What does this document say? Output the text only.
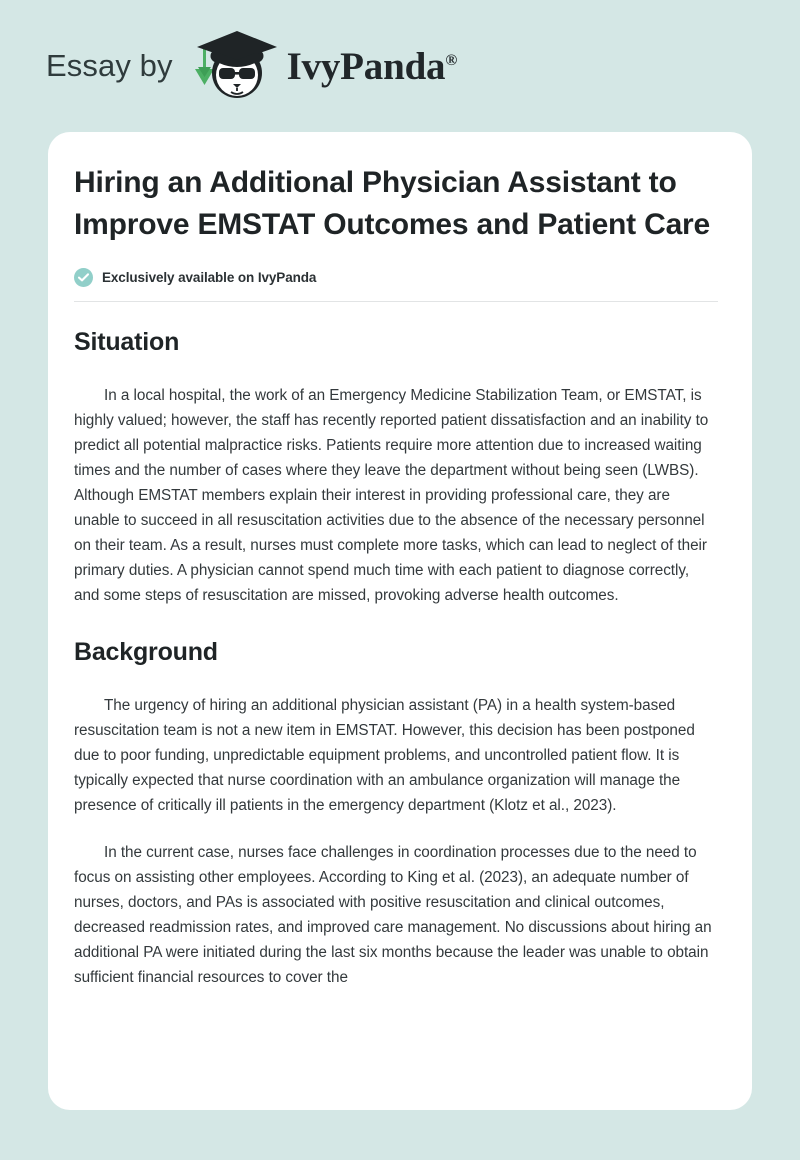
Essay by	IvyPanda®
Hiring an Additional Physician Assistant to Improve EMSTAT Outcomes and Patient Care
Exclusively available on IvyPanda
Situation

In a local hospital, the work of an Emergency Medicine Stabilization Team, or EMSTAT, is highly valued; however, the staff has recently reported patient dissatisfaction and an inability to predict all potential malpractice risks. Patients require more attention due to increased waiting times and the number of cases where they leave the department without being seen (LWBS). Although EMSTAT members explain their interest in providing professional care, they are unable to succeed in all resuscitation activities due to the absence of the necessary personnel on their team. As a result, nurses must complete more tasks, which can lead to neglect of their primary duties. A physician cannot spend much time with each patient to diagnose correctly, and some steps of resuscitation are missed, provoking adverse health outcomes.

Background

The urgency of hiring an additional physician assistant (PA) in a health system-based resuscitation team is not a new item in EMSTAT. However, this decision has been postponed due to poor funding, unpredictable equipment problems, and uncontrolled patient flow. It is typically expected that nurse coordination with an ambulance organization will manage the presence of critically ill patients in the emergency department (Klotz et al., 2023).

In the current case, nurses face challenges in coordination processes due to the need to focus on assisting other employees. According to King et al. (2023), an adequate number of nurses, doctors, and PAs is associated with positive resuscitation and clinical outcomes, decreased readmission rates, and improved care management. No discussions about hiring an additional PA were initiated during the last six months because the leader was unable to obtain sufficient financial resources to cover the
